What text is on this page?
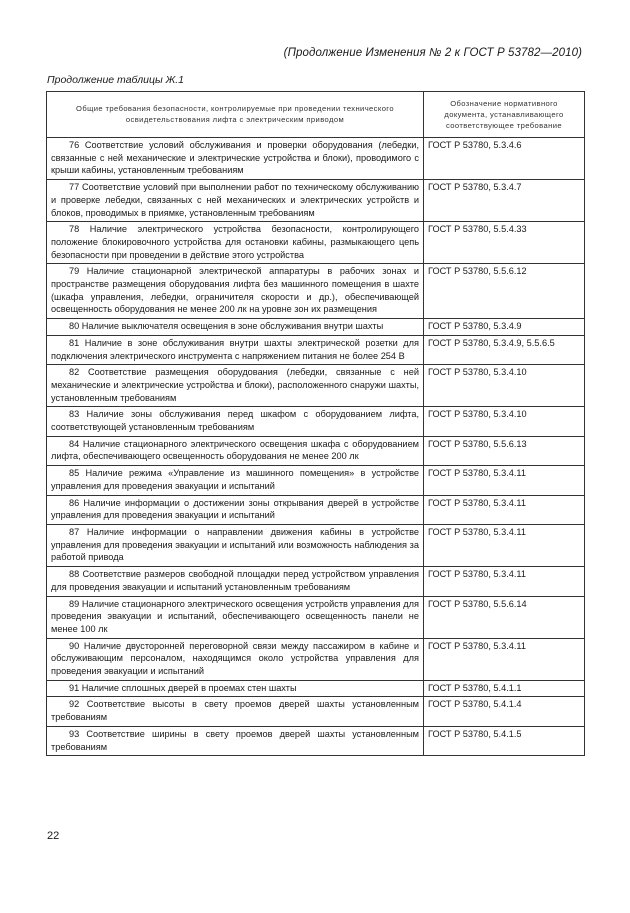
(Продолжение Изменения № 2 к ГОСТ Р 53782—2010)
Продолжение таблицы Ж.1
Общие требования безопасности, контролируемые при проведении технического освидетельствования лифта с электрическим приводом	Обозначение нормативного документа, устанавливающего соответствующее требование

76 Соответствие условий обслуживания и проверки оборудования (лебедки, связанные с ней механические и электрические устройства и блоки), проводимого с крыши кабины, установленным требованиям	ГОСТ Р 53780, 5.3.4.6

77 Соответствие условий при выполнении работ по техническому обслуживанию и проверке лебедки, связанных с ней механических и электрических устройств и блоков, проводимых в приямке, установленным требованиям	ГОСТ Р 53780, 5.3.4.7

78 Наличие электрического устройства безопасности, контролирующего положение блокировочного устройства для остановки кабины, размыкающего цепь безопасности при проведении в действие этого устройства	ГОСТ Р 53780, 5.5.4.33

79 Наличие стационарной электрической аппаратуры в рабочих зонах и пространстве размещения оборудования лифта без машинного помещения в шахте (шкафа управления, лебедки, ограничителя скорости и др.), обеспечивающей освещенность оборудования не менее 200 лк на уровне зон их размещения	ГОСТ Р 53780, 5.5.6.12

80 Наличие выключателя освещения в зоне обслуживания внутри шахты	ГОСТ Р 53780, 5.3.4.9

81 Наличие в зоне обслуживания внутри шахты электрической розетки для подключения электрического инструмента с напряжением питания не более 254 В	ГОСТ Р 53780, 5.3.4.9, 5.5.6.5

82 Соответствие размещения оборудования (лебедки, связанные с ней механические и электрические устройства и блоки), расположенного снаружи шахты, установленным требованиям	ГОСТ Р 53780, 5.3.4.10

83 Наличие зоны обслуживания перед шкафом с оборудованием лифта, соответствующей установленным требованиям	ГОСТ Р 53780, 5.3.4.10

84 Наличие стационарного электрического освещения шкафа с оборудованием лифта, обеспечивающего освещенность оборудования не менее 200 лк	ГОСТ Р 53780, 5.5.6.13

85 Наличие режима «Управление из машинного помещения» в устройстве управления для проведения эвакуации и испытаний	ГОСТ Р 53780, 5.3.4.11

86 Наличие информации о достижении зоны открывания дверей в устройстве управления для проведения эвакуации и испытаний	ГОСТ Р 53780, 5.3.4.11

87 Наличие информации о направлении движения кабины в устройстве управления для проведения эвакуации и испытаний или возможность наблюдения за работой привода	ГОСТ Р 53780, 5.3.4.11

88 Соответствие размеров свободной площадки перед устройством управления для проведения эвакуации и испытаний установленным требованиям	ГОСТ Р 53780, 5.3.4.11

89 Наличие стационарного электрического освещения устройств управления для проведения эвакуации и испытаний, обеспечивающего освещенность панели не менее 100 лк	ГОСТ Р 53780, 5.5.6.14

90 Наличие двусторонней переговорной связи между пассажиром в кабине и обслуживающим персоналом, находящимся около устройства управления для проведения эвакуации и испытаний	ГОСТ Р 53780, 5.3.4.11

91 Наличие сплошных дверей в проемах стен шахты	ГОСТ Р 53780, 5.4.1.1

92 Соответствие высоты в свету проемов дверей шахты установленным требованиям	ГОСТ Р 53780, 5.4.1.4

93 Соответствие ширины в свету проемов дверей шахты установленным требованиям	ГОСТ Р 53780, 5.4.1.5
22
